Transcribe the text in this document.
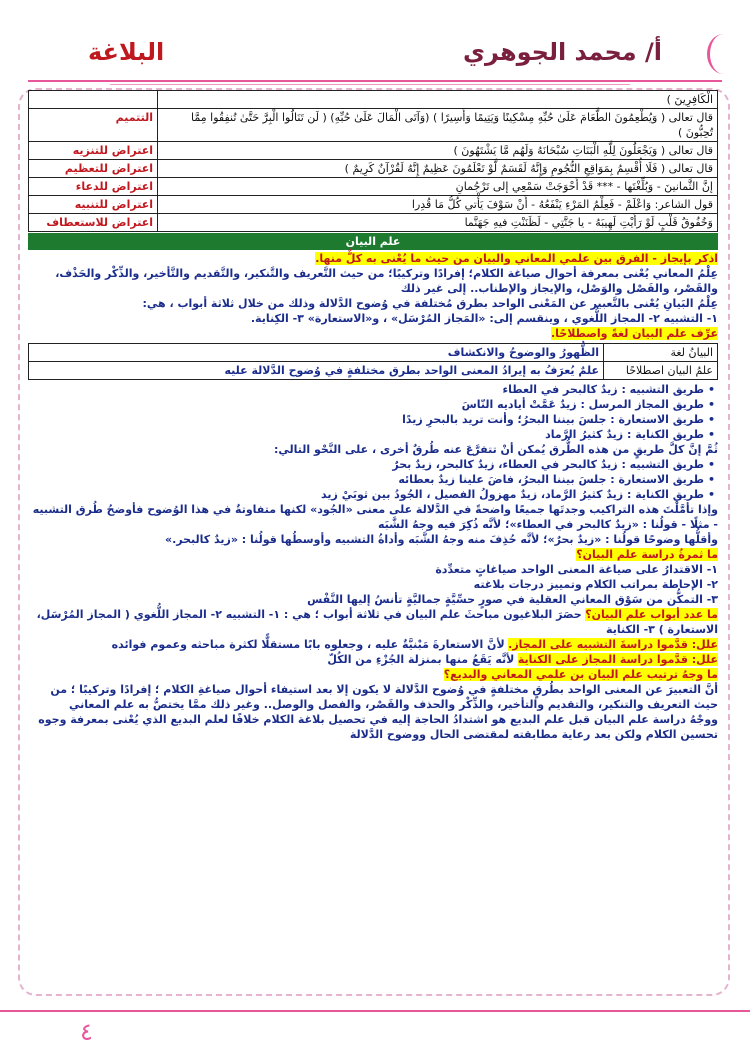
أ/ محمد الجوهري
البلاغة
الْكَافِرِينَ )	
قال تعالى ( وَيُطْعِمُونَ الطَّعَامَ عَلَىٰ حُبِّهِ مِسْكِينًا وَيَتِيمًا وَأَسِيرًا ) (وَآتَى الْمَالَ عَلَىٰ حُبِّهِ) ( لَن تَنَالُوا الْبِرَّ حَتَّىٰ تُنفِقُوا مِمَّا تُحِبُّونَ )	التتميم
قال تعالى ( وَيَجْعَلُونَ لِلَّهِ الْبَنَاتِ سُبْحَانَهُ وَلَهُم مَّا يَشْتَهُونَ )	اعتراض للتنزيه
قال تعالى ( فَلَا أُقْسِمُ بِمَوَاقِعِ النُّجُومِ وَإِنَّهُ لَقَسَمٌ لَّوْ تَعْلَمُونَ عَظِيمٌ إِنَّهُ لَقُرْآنٌ كَرِيمٌ )	اعتراض للتعظيم
إنَّ الثَّمانينَ - وَبُلِّغْتَها - *** قَدْ أَحْوَجَتْ سَمْعِي إلى تَرْجُمانِ	اعتراض للدعاء
قول الشاعر: وَاعْلَمْ - فَعِلْمُ المَرْءِ يَنْفَعُهُ - أَنْ سَوْفَ يَأْتي كُلُّ مَا قُدِرا	اعتراض للتنبيه
وَخُفُوقُ قَلْبٍ لَوْ رَأَيْتِ لَهِيبَهُ - يا جَنَّتِي - لَظَنَنْتِ فيهِ جَهَنَّما	اعتراض للاستعطاف
علم البيان

اذكر بإيجاز - الفرق بين علمي المعاني والبيان من حيث ما يُعْنى به كلٌّ منها.

عِلْمُ المعاني يُعْنى بمعرفة أحوال صياغة الكلام؛ إفرادًا وتركيبًا؛ من حيث التَّعريف والتَّنكير، والتَّقديم والتَّأخير، والذِّكْر والحَذْف، والقَصْر، والفَصْل والوَصْل، والإيجاز والإطناب.. إلى غير ذلك

عِلْمُ البَيانِ يُعْنى بالتَّعبير عن المَعْنى الواحد بطرق مُختلفة في وُضوح الدَّلالة وذلك من خلال ثلاثة أبواب ، هي:

١- التشبيه ٢- المجاز اللُّغوي ، وينقسم إلى: «المَجاز المُرْسَل» ، و«الاستعارة» ٣- الكِناية.

عرِّف علم البيان لغةً واصطلاحًا.

البيانُ لغة	الظُّهورُ والوضوحُ والانكشاف
علمُ البيان اصطلاحًا	علمٌ يُعرَفُ به إيرادُ المعنى الواحد بطرق مختلفةٍ في وُضوح الدَّلالة عليه
• طريق التشبيه : زيدٌ كالبحر في العطاء
• طريق المجاز المرسل : زيدٌ عَمَّتْ أياديه النّاسَ
• طريق الاستعارة : جلسَ بيننا البحرُ؛ وأنت تريد بالبحرِ زيدًا
• طريق الكناية : زيدٌ كثيرُ الرَّماد

ثُمَّ إنَّ كلَّ طريقٍ من هذه الطُّرق يُمكن أنْ تتفرَّعَ عنه طُرقٌ أخرى ، على النَّحْو التالي:

• طريق التشبيه : زيدٌ كالبحر في العطاء، زيدٌ كالبحر، زيدٌ بحرٌ
• طريق الاستعارة : جلسَ بيننا البحرُ، فاضَ علينا زيدٌ بعطائه
• طريق الكناية : زيدٌ كثيرُ الرَّماد، زيدٌ مهزولُ الفصيل ، الجُودُ بين ثوبَيْ زيد

وإذا تأمَّلْتَ هذه التراكيب وجدتَها جميعًا واضحةً في الدَّلالة على معنى «الجُود» لكنها متفاوتةٌ في هذا الوُضوح فأوضحُ طُرق التشبيه - مثلًا - قولُنا : «زيدٌ كالبحر في العطاء»؛ لأنَّه ذُكِرَ فيه وجهُ الشَّبَه

وأقلُّها وضوحًا قولُنا : «زيدٌ بحرٌ»؛ لأنَّه حُذِفَ منه وجهُ الشَّبَه وأداةُ التشبيه وأوسطُها قولُنا : «زيدٌ كالبحر.»

ما ثمرةُ دراسة علم البيان؟

١- الاقتدارُ على صياغة المعنى الواحد صياغاتٍ متعدِّدة

٢- الإحاطة بمراتب الكلام وتمييز درجات بلاغته

٣- التمكُّن من سَوْق المعاني العقلية في صورٍ حسِّيَّةٍ جماليَّةٍ تأنسُ إليها النَّفْس

ما عدد أبواب علم البيان؟ حصَرَ البلاغيون مباحثَ علم البيان في ثلاثة أبواب ؛ هي : ١- التشبيه ٢- المجاز اللُّغوي ( المجاز المُرْسَل، الاستعارة ) ٣- الكناية

علل: قدَّموا دراسةَ التشبيه على المجاز. لأنَّ الاستعارةَ مَبْنيَّةٌ عليه ، وجعلوه بابًا مستقلًّا لكثرة مباحثه وعموم فوائده

علل: قدَّموا دراسة المجاز على الكناية لأنَّه يَقَعُ منها بمنزلة الجُزْءِ من الكُلّ

ما وجهُ ترتيب علم البيان بن علمي المعاني والبديع؟

أنَّ التعبيرَ عن المعنى الواحد بطُرقٍ مختلفةٍ في وُضوح الدَّلالة لا يكون إلا بعد استيفاء أحوال صياغةِ الكلام ؛ إفرادًا وتركيبًا ؛ من حيث التعريف والتنكير، والتقديم والتأخير، والذِّكْر والحذف والقَصْر، والفصل والوصل.. وغير ذلك ممَّا يختصُّ به علم المعاني

ووجْهُ دراسة علم البيان قبل علم البديع هو اشتدادُ الحاجة إليه في تحصيل بلاغة الكلام خلافًا لعلم البديع الذي يُعْنى بمعرفة وجوه تحسين الكلام ولكن بعد رعاية مطابقته لمقتضى الحال ووضوح الدَّلالة

٤
